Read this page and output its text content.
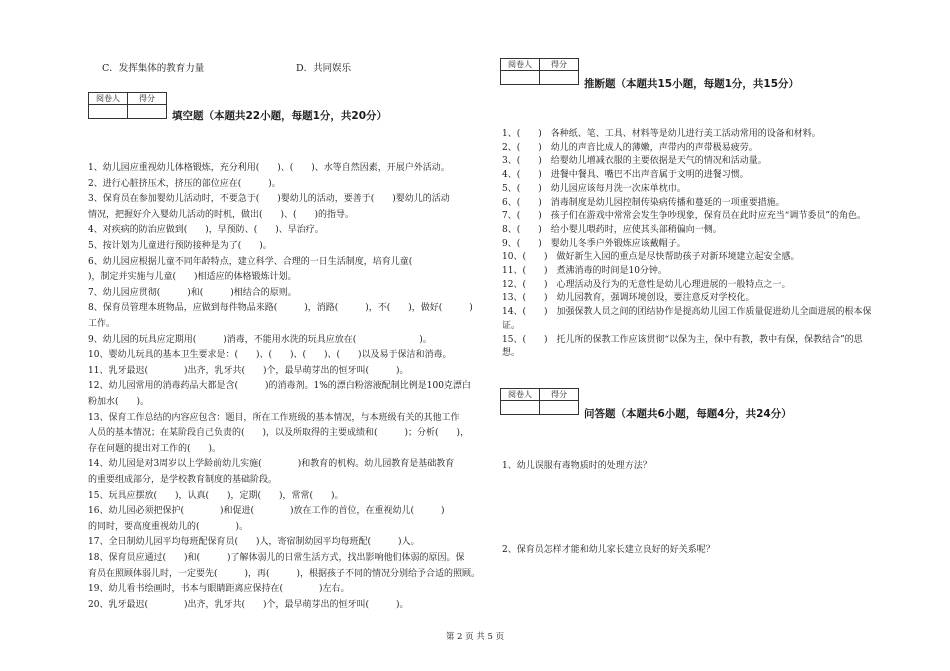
C．发挥集体的教育力量	D．共同娱乐
阅卷人	得分

填空题（本题共22小题，每题1分，共20分）
1、幼儿园应重视幼儿体格锻炼，充分利用(　　)、(　　)、水等自然因素，开展户外活动。
2、进行心脏挤压术，挤压的部位应在(　　　)。
3、保育员在参加婴幼儿活动时，不要急于(　　)婴幼儿的活动，要善于(　　)婴幼儿的活动
情况，把握好介入婴幼儿活动的时机，做出(　　)、(　　)的指导。
4、对疾病的防治应做到(　　)，早预防、(　　)、早治疗。
5、按计划为儿童进行预防接种是为了(　　)。
6、幼儿园应根据儿童不同年龄特点，建立科学、合理的一日生活制度，培育儿童(　　
)，制定并实施与儿童(　　)相适应的体格锻炼计划。
7、幼儿园应贯彻(　　　)和(　　　)相结合的原则。
8、保育员管理本班物品，应做到每件物品来路(　　　)，消路(　　　)，不(　　)，做好(　　　)
工作。
9、幼儿园的玩具应定期用(　　　)消毒，不能用水洗的玩具应放在(　　　　　　　)。
10、婴幼儿玩具的基本卫生要求是：(　　)、(　　)、(　　)、(　　)以及易于保洁和消毒。
11、乳牙最迟(　　　　)出齐，乳牙共(　　)个，最早萌芽出的恒牙叫(　　　)。
12、幼儿园常用的消毒药品大都是含(　　　)的消毒剂。1%的漂白粉溶液配制比例是100克漂白
粉加水(　　)。
13、保育工作总结的内容应包含：题目，所在工作班级的基本情况，与本班级有关的其他工作
人员的基本情况；在某阶段自己负责的(　　)，以及所取得的主要成绩和(　　　)；分析(　　)，
存在问题的提出对工作的(　　)。
14、幼儿园是对3周岁以上学龄前幼儿实施(　　　　)和教育的机构。幼儿园教育是基础教育
的重要组成部分，是学校教育制度的基础阶段。
15、玩具应摆放(　　)，认真(　　)，定期(　　)，常常(　　)。
16、幼儿园必须把保护(　　　　)和促进(　　　　)放在工作的首位，在重视幼儿(　　　)
的同时，要高度重视幼儿的(　　　　)。
17、全日制幼儿园平均每班配保育员(　　)人，寄宿制幼园平均每班配(　　　)人。
18、保育员应通过(　　)和(　　　)了解体弱儿的日常生活方式，找出影响他们体弱的原因。保
育员在照顾体弱儿时，一定要先(　　　)，再(　　　)，根据孩子不同的情况分别给予合适的照顾。
19、幼儿看书绘画时，书本与眼睛距离应保持在(　　　　)左右。
20、乳牙最迟(　　　　)出齐，乳牙共(　　)个，最早萌芽出的恒牙叫(　　　)。
阅卷人	得分

推断题（本题共15小题，每题1分，共15分）
1、(　　)　各种纸、笔、工具、材料等是幼儿进行美工活动常用的设备和材料。
2、(　　)　幼儿的声音比成人的薄嫩，声带内的声带极易疲劳。
3、(　　)　给婴幼儿增减衣服的主要依据是天气的情况和活动量。
4、(　　)　进餐中餐具、嘴巴不出声音属于文明的进餐习惯。
5、(　　)　幼儿园应该每月洗一次床单枕巾。
6、(　　)　消毒制度是幼儿园控制传染病传播和蔓延的一项重要措施。
7、(　　)　孩子们在游戏中常常会发生争吵现象，保育员在此时应充当“调节委员”的角色。
8、(　　)　给小婴儿喂药时，应使其头部稍偏向一侧。
9、(　　)　婴幼儿冬季户外锻炼应该戴帽子。
10、(　　)　做好新生入园的重点是尽快帮助孩子对新环境建立起安全感。
11、(　　)　煮沸消毒的时间是10分钟。
12、(　　)　心理活动及行为的无意性是幼儿心理进展的一般特点之一。
13、(　　)　幼儿园教育，强调环境创设，要注意反对学校化。
14、(　　)　加强保教人员之间的团结协作是提高幼儿园工作质量促进幼儿全面进展的根本保
证。
15、(　　)　托儿所的保教工作应该贯彻“以保为主，保中有教，教中有保，保教结合”的思
想。
阅卷人	得分

问答题（本题共6小题，每题4分，共24分）
1、幼儿误服有毒物质时的处理方法？
2、保育员怎样才能和幼儿家长建立良好的好关系呢？
第 2 页 共 5 页
